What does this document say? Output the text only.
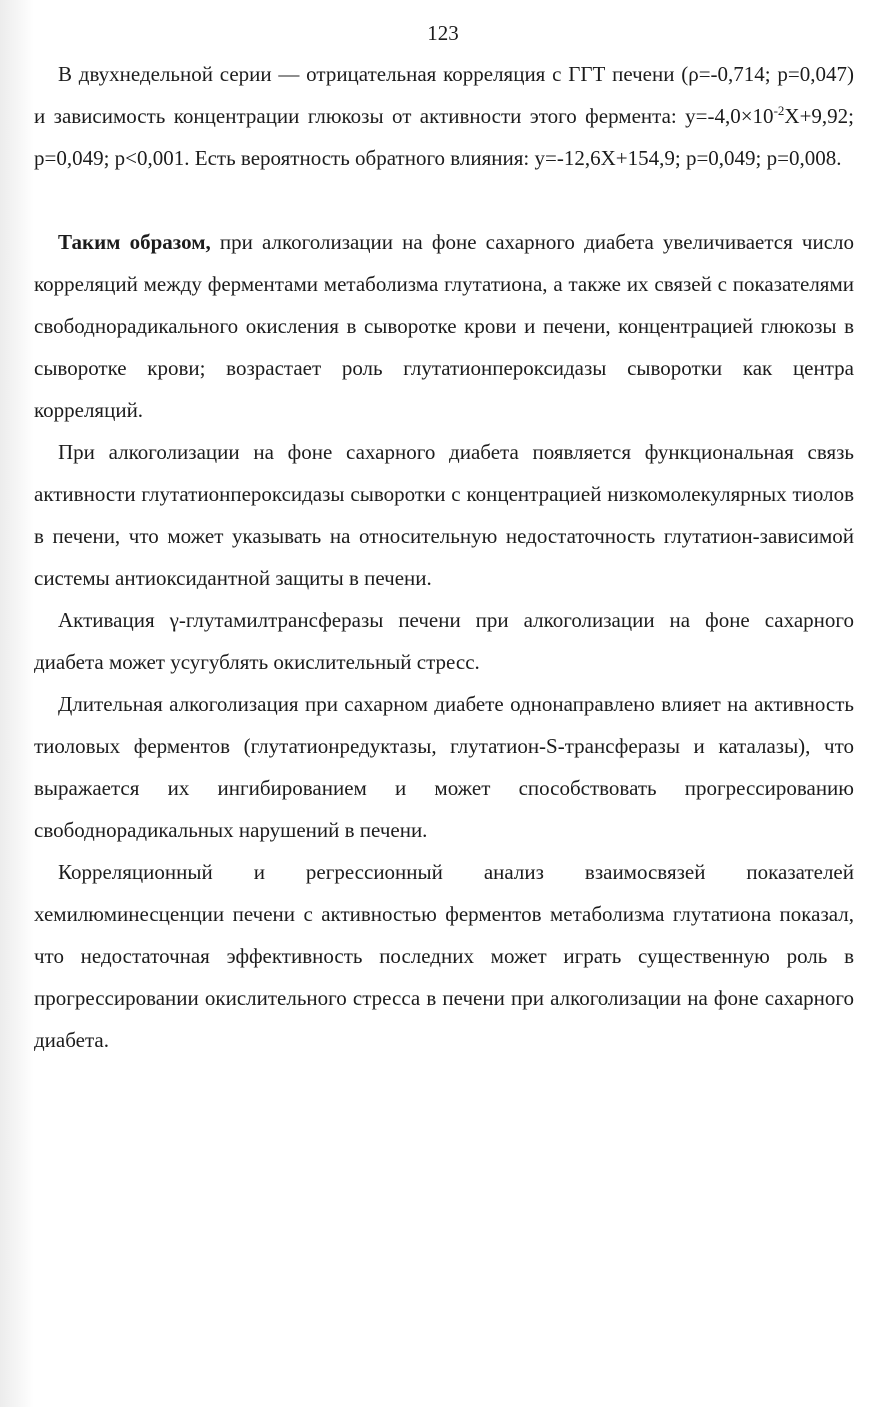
123

В двухнедельной серии — отрицательная корреляция с ГГТ печени (ρ=-0,714; p=0,047) и зависимость концентрации глюкозы от активности этого фермента: $y=-4,0\times 10^{-2}X+9,92$; p=0,049; p<0,001. Есть вероятность обратного влияния: y=-12,6X+154,9; p=0,049; p=0,008.

Таким образом, при алкоголизации на фоне сахарного диабета увеличивается число корреляций между ферментами метаболизма глутатиона, а также их связей с показателями свободнорадикального окисления в сыворотке крови и печени, концентрацией глюкозы в сыворотке крови; возрастает роль глутатионпероксидазы сыворотки как центра корреляций.

При алкоголизации на фоне сахарного диабета появляется функциональная связь активности глутатионпероксидазы сыворотки с концентрацией низкомолекулярных тиолов в печени, что может указывать на относительную недостаточность глутатион-зависимой системы антиоксидантной защиты в печени.

Активация γ-глутамилтрансферазы печени при алкоголизации на фоне сахарного диабета может усугублять окислительный стресс.

Длительная алкоголизация при сахарном диабете однонаправлено влияет на активность тиоловых ферментов (глутатионредуктазы, глутатион-S-трансферазы и каталазы), что выражается их ингибированием и может способствовать прогрессированию свободнорадикальных нарушений в печени.

Корреляционный и регрессионный анализ взаимосвязей показателей хемилюминесценции печени с активностью ферментов метаболизма глутатиона показал, что недостаточная эффективность последних может играть существенную роль в прогрессировании окислительного стресса в печени при алкоголизации на фоне сахарного диабета.
